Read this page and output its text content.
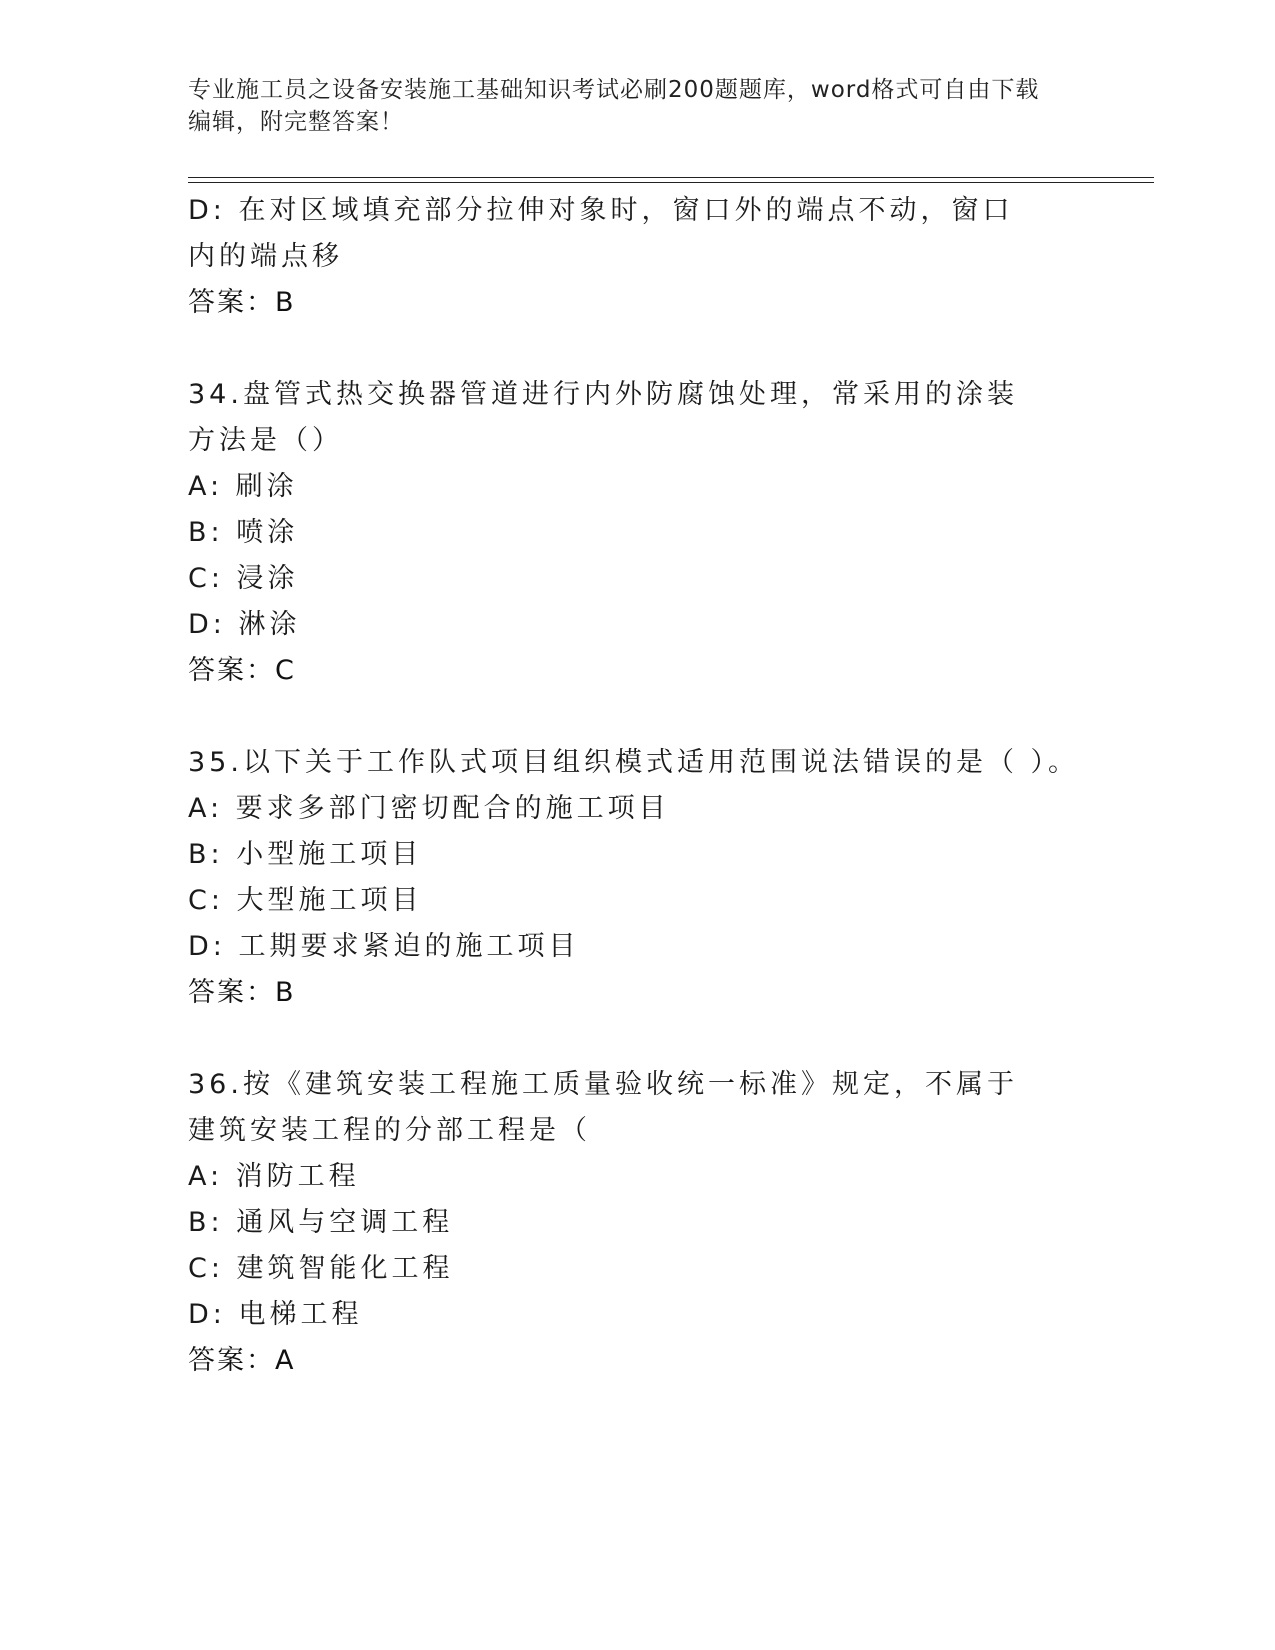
专业施工员之设备安装施工基础知识考试必刷200题题库，word格式可自由下载
编辑，附完整答案！
D: 在对区域填充部分拉伸对象时，窗口外的端点不动，窗口内的端点移
答案：B
34.盘管式热交换器管道进行内外防腐蚀处理，常采用的涂装方法是（）
A: 刷涂
B: 喷涂
C: 浸涂
D: 淋涂
答案：C
35.以下关于工作队式项目组织模式适用范围说法错误的是（ ）。
A: 要求多部门密切配合的施工项目
B: 小型施工项目
C: 大型施工项目
D: 工期要求紧迫的施工项目
答案：B
36.按《建筑安装工程施工质量验收统一标准》规定，不属于建筑安装工程的分部工程是（
A: 消防工程
B: 通风与空调工程
C: 建筑智能化工程
D: 电梯工程
答案：A
